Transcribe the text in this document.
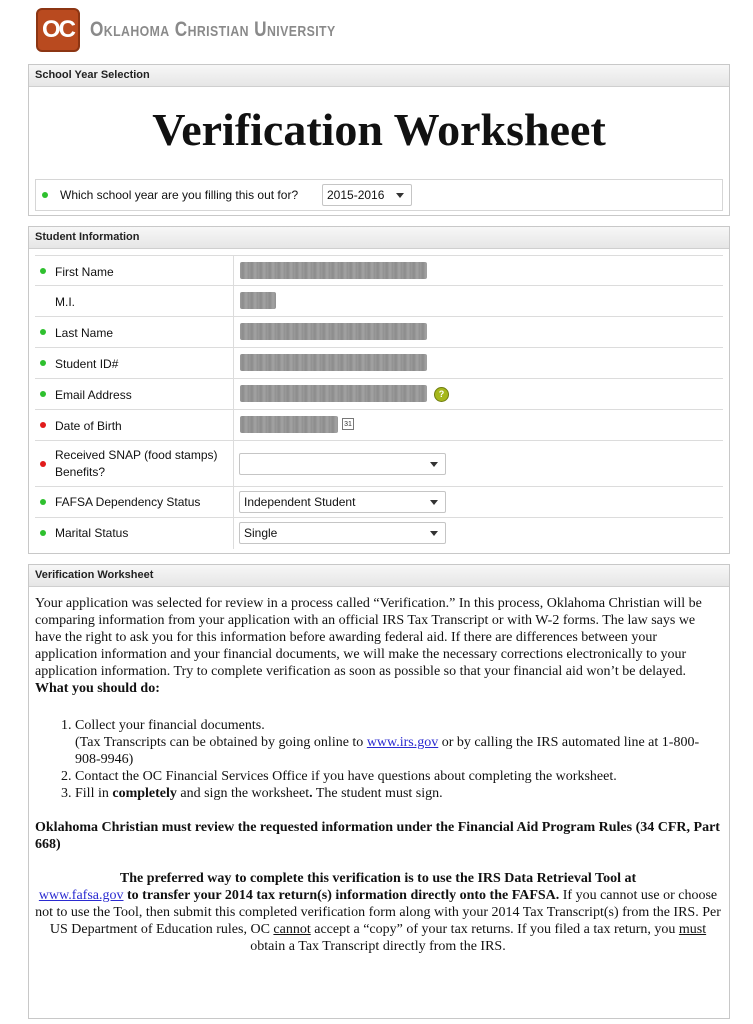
OC Oklahoma Christian University
School Year Selection
Verification Worksheet
Which school year are you filling this out for?	2015-2016
Student Information
First Name
M.I.
Last Name
Student ID#
Email Address	?
Date of Birth	31
Received SNAP (food stamps) Benefits?
FAFSA Dependency Status	Independent Student
Marital Status	Single
Verification Worksheet

Your application was selected for review in a process called “Verification.” In this process, Oklahoma Christian will be comparing information from your application with an official IRS Tax Transcript or with W-2 forms. The law says we have the right to ask you for this information before awarding federal aid. If there are differences between your application information and your financial documents, we will make the necessary corrections electronically to your application information. Try to complete verification as soon as possible so that your financial aid won’t be delayed.

What you should do:

1. Collect your financial documents.
(Tax Transcripts can be obtained by going online to www.irs.gov or by calling the IRS automated line at 1-800-908-9946)
2. Contact the OC Financial Services Office if you have questions about completing the worksheet.
3. Fill in completely and sign the worksheet. The student must sign.

Oklahoma Christian must review the requested information under the Financial Aid Program Rules (34 CFR, Part 668)

The preferred way to complete this verification is to use the IRS Data Retrieval Tool at
www.fafsa.gov to transfer your 2014 tax return(s) information directly onto the FAFSA. If you cannot use or choose not to use the Tool, then submit this completed verification form along with your 2014 Tax Transcript(s) from the IRS. Per US Department of Education rules, OC cannot accept a “copy” of your tax returns. If you filed a tax return, you must obtain a Tax Transcript directly from the IRS.
